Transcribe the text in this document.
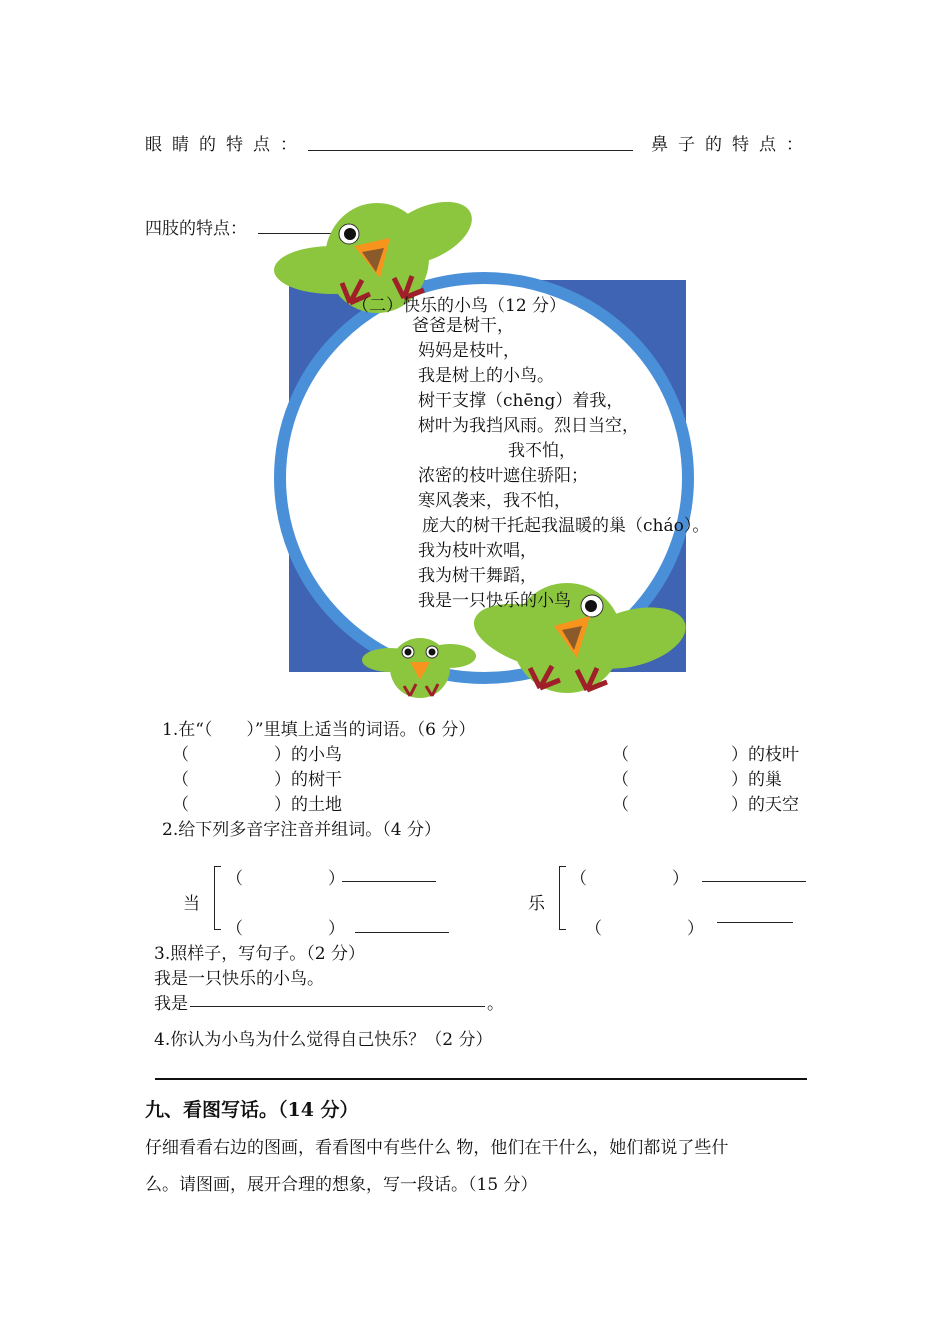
眼睛的特点：	鼻子的特点：
四肢的特点：
（二）快乐的小鸟（12 分）
爸爸是树干，
妈妈是枝叶，
我是树上的小鸟。
树干支撑（chēng）着我，
树叶为我挡风雨。烈日当空，
我不怕，
浓密的枝叶遮住骄阳；
寒风袭来，我不怕，
庞大的树干托起我温暖的巢（cháo）。
我为枝叶欢唱，
我为树干舞蹈，
我是一只快乐的小鸟
1.在“（　　）”里填上适当的词语。（6 分）
（　　　　　）的小鸟
（　　　　　）的树干
（　　　　　）的土地
（　　　　　　）的枝叶
（　　　　　　）的巢
（　　　　　　）的天空
2.给下列多音字注音并组词。（4 分）
当
（　　　　　）
（　　　　　）
乐
（　　　　　）
（　　　　　）
3.照样子，写句子。（2 分）
我是一只快乐的小鸟。
我是	。
4.你认为小鸟为什么觉得自己快乐？（2 分）
九、看图写话。（14 分）
仔细看看右边的图画，看看图中有些什么 物，他们在干什么，她们都说了些什
么。请图画，展开合理的想象，写一段话。（15 分）
